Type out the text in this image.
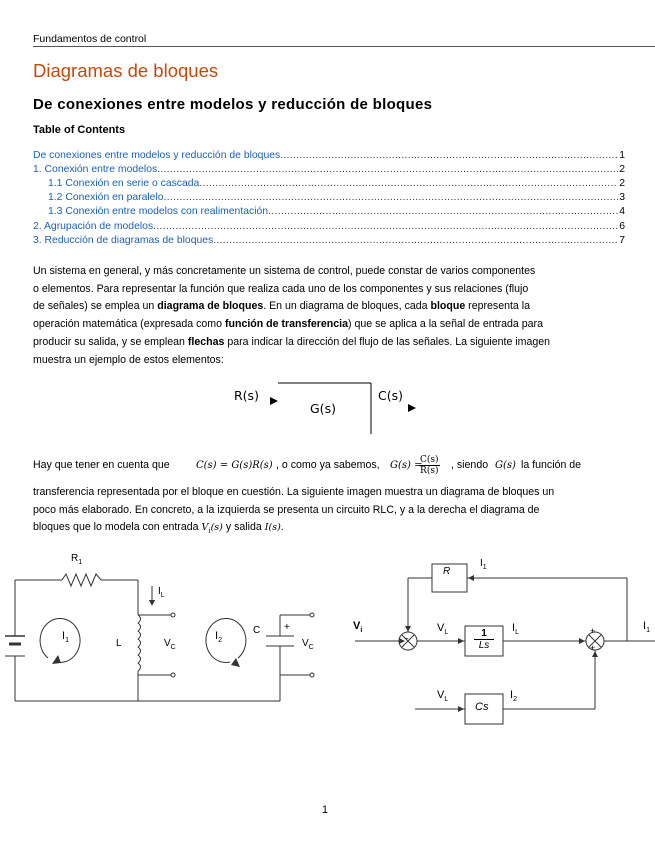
Fundamentos de control
Diagramas de bloques
De conexiones entre modelos y reducción de bloques
Table of Contents
De conexiones entre modelos y reducción de bloques .....	1
1. Conexión entre modelos .....	2
1.1 Conexión en serie o cascada .....	2
1.2 Conexión en paralelo .....	3
1.3 Conexión entre modelos con realimentación .....	4
2. Agrupación de modelos .....	6
3. Reducción de diagramas de bloques .....	7
Un sistema en general, y más concretamente un sistema de control, puede constar de varios componentes
o elementos. Para representar la función que realiza cada uno de los componentes y sus relaciones (flujo
de señales) se emplea un diagrama de bloques. En un diagrama de bloques, cada bloque representa la
operación matemática (expresada como función de transferencia) que se aplica a la señal de entrada para
producir su salida, y se emplean flechas para indicar la dirección del flujo de las señales. La siguiente imagen
muestra un ejemplo de estos elementos:
R(s)
G(s)
C(s)
Hay que tener en cuenta que	C(s) = G(s)R(s) , o como ya sabemos, G(s) =
$\frac{C(s)}{R(s)}$ , siendo G(s) la función de
transferencia representada por el bloque en cuestión. La siguiente imagen muestra un diagrama de bloques un
poco más elaborado. En concreto, a la izquierda se presenta un circuito RLC, y a la derecha el diagrama de
bloques que lo modela con entrada $V_i(s)$ y salida I(s).
$R_1$
$I_L$
$I_1$	L	$V_C$
$I_2$
C +
$V_C$
R
$I_1$
$V_i$
−
$V_L$	1
Ls
$I_L$	+
+
$I_1$
$V_L$
Cs
$I_2$
1
